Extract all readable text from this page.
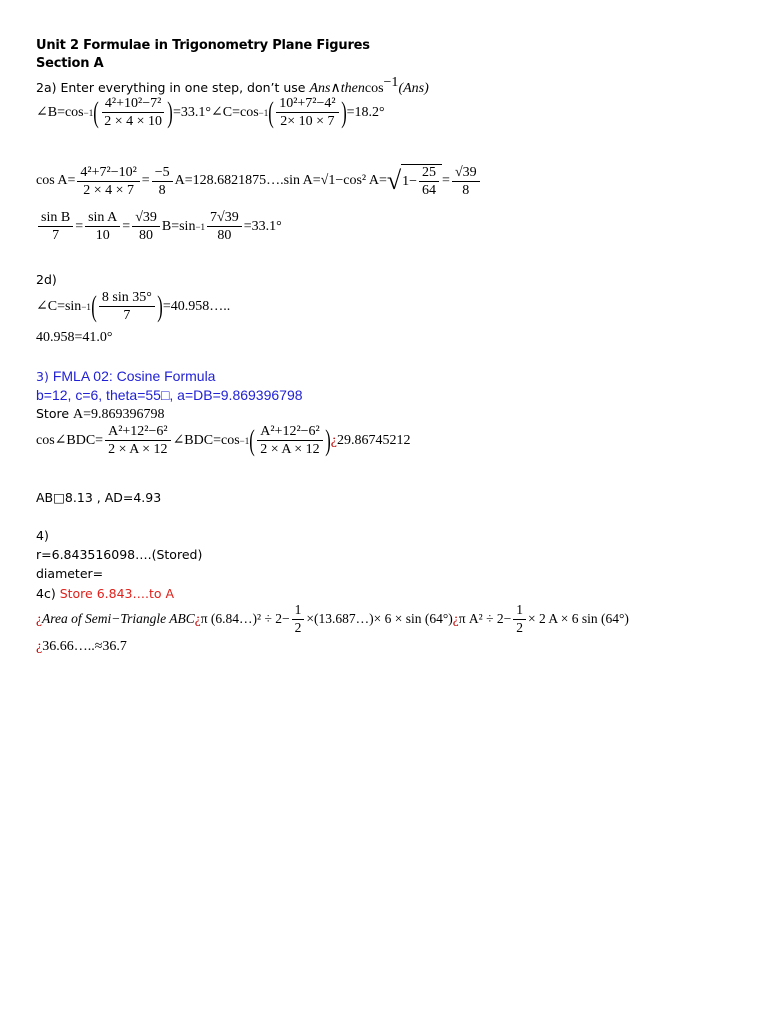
Unit 2 Formulae in Trigonometry Plane Figures
Section A
2a) Enter everything in one step, don’t use Ans∧thencos$^{-1}$(Ans)
∠B=cos −1 ( $\frac{\text{4²+10²−7²}}{2 \times 4 \times 10}$ ) =33.1°∠C=cos −1 ( $\frac{\text{10²+7²−4²}}{2\times 10 \times 7}$ ) =18.2°
$\cos A= \frac{\text{4²+7²−10²}}{2 \times 4 \times 7} = \frac{-5}{8}$ A=128.6821875….sin A=√1−cos² A= √ $1- \frac{25}{64} = \frac{√39}{8}$
$\frac{\text{sin B}}{7} = \frac{\text{sin A}}{10} = \frac{√39}{80} B=\sin -1 \frac{7√39}{80} =33.1^\circ$
2d)
∠C=sin −1 ( $\frac{8 \sin 35^\circ}{7}$ ) =40.958…..
40.958=41.0°
3) FMLA 02: Cosine Formula
b=12, c=6, theta=55□, a=DB=9.869396798
Store A=9.869396798
cos∠BDC= $\frac{\text{A²+12²−6²}}{2 \times A \times 12}$ ∠BDC=cos −1 ( $\frac{\text{A²+12²−6²}}{2 \times A \times 12}$ ) ¿ 29.86745212
AB□8.13 , AD=4.93
4)
r=6.843516098….(Stored)
diameter=
4c) Store 6.843….to A
¿ Area of Semi−Triangle ABC ¿ π (6.84…)² ÷ $2- \frac{1}{2}$ ×(13.687…)× 6 × sin (64°) ¿ π $A^2 \div 2- \frac{1}{2} \times 2$ A × 6 sin (64°)
¿36.66…..≈36.7
